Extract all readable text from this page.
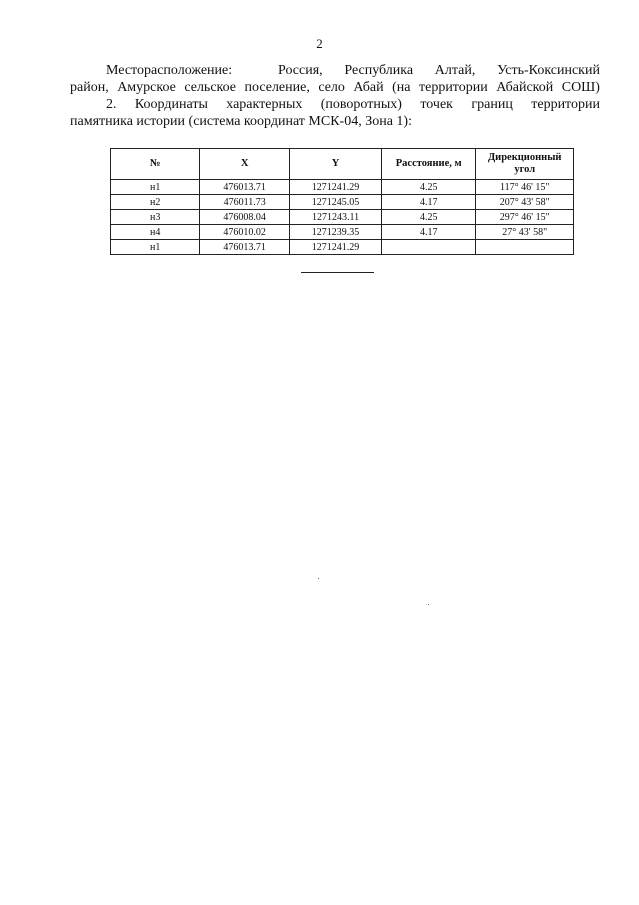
2
Месторасположение:	Россия, Республика Алтай, Усть-Коксинский
район, Амурское сельское поселение, село Абай (на территории Абайской СОШ)
2. Координаты характерных (поворотных) точек границ территории
памятника истории (система координат МСК-04, Зона 1):
№	X	Y	Расстояние, м	Дирекционный угол
н1	476013.71	1271241.29	4.25	117° 46' 15"
н2	476011.73	1271245.05	4.17	207° 43' 58"
н3	476008.04	1271243.11	4.25	297° 46' 15"
н4	476010.02	1271239.35	4.17	27° 43' 58"
н1	476013.71	1271241.29		
